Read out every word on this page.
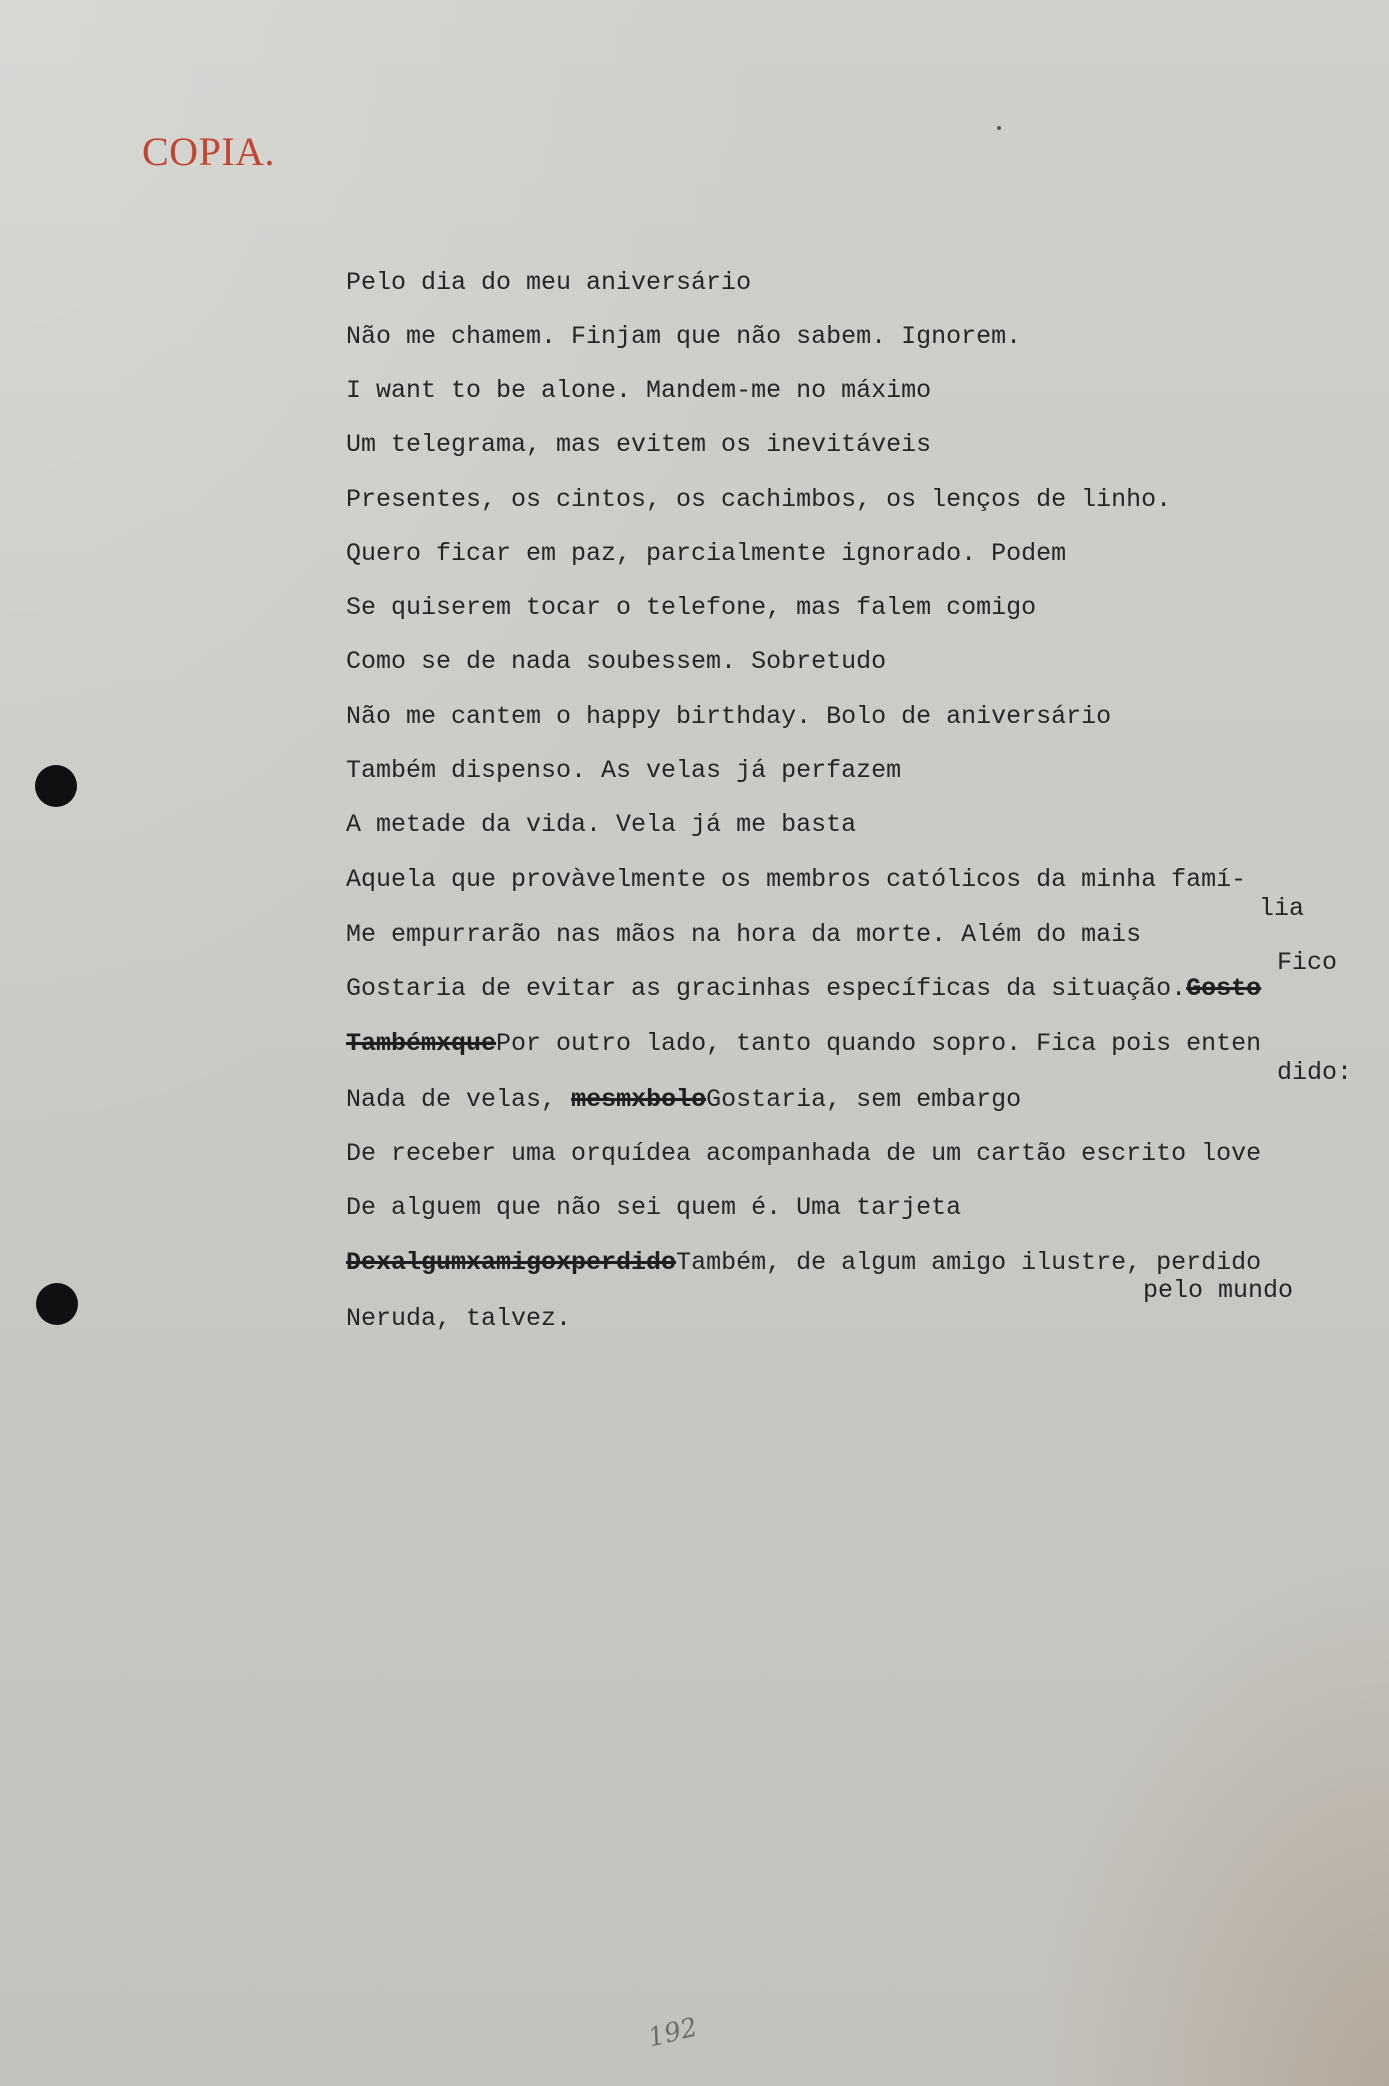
COPIA.
Pelo dia do meu aniversário
Não me chamem. Finjam que não sabem. Ignorem.
I want to be alone. Mandem-me no máximo
Um telegrama, mas evitem os inevitáveis
Presentes, os cintos, os cachimbos, os lenços de linho.
Quero ficar em paz, parcialmente ignorado. Podem
Se quiserem tocar o telefone, mas falem comigo
Como se de nada soubessem. Sobretudo
Não me cantem o happy birthday. Bolo de aniversário
Também dispenso. As velas já perfazem
A metade da vida. Vela já me basta
Aquela que provàvelmente os membros católicos da minha famí-
lia
Me empurrarão nas mãos na hora da morte. Além do mais
Fico
Gostaria de evitar as gracinhas específicas da situação.Gosto
TambémxquePor outro lado, tanto quando sopro. Fica pois enten
dido:
Nada de velas, mesmxboloGostaria, sem embargo
De receber uma orquídea acompanhada de um cartão escrito love
De alguem que não sei quem é. Uma tarjeta
DexalgumxamigoxperdidoTambém, de algum amigo ilustre, perdido
pelo mundo
Neruda, talvez.
192
